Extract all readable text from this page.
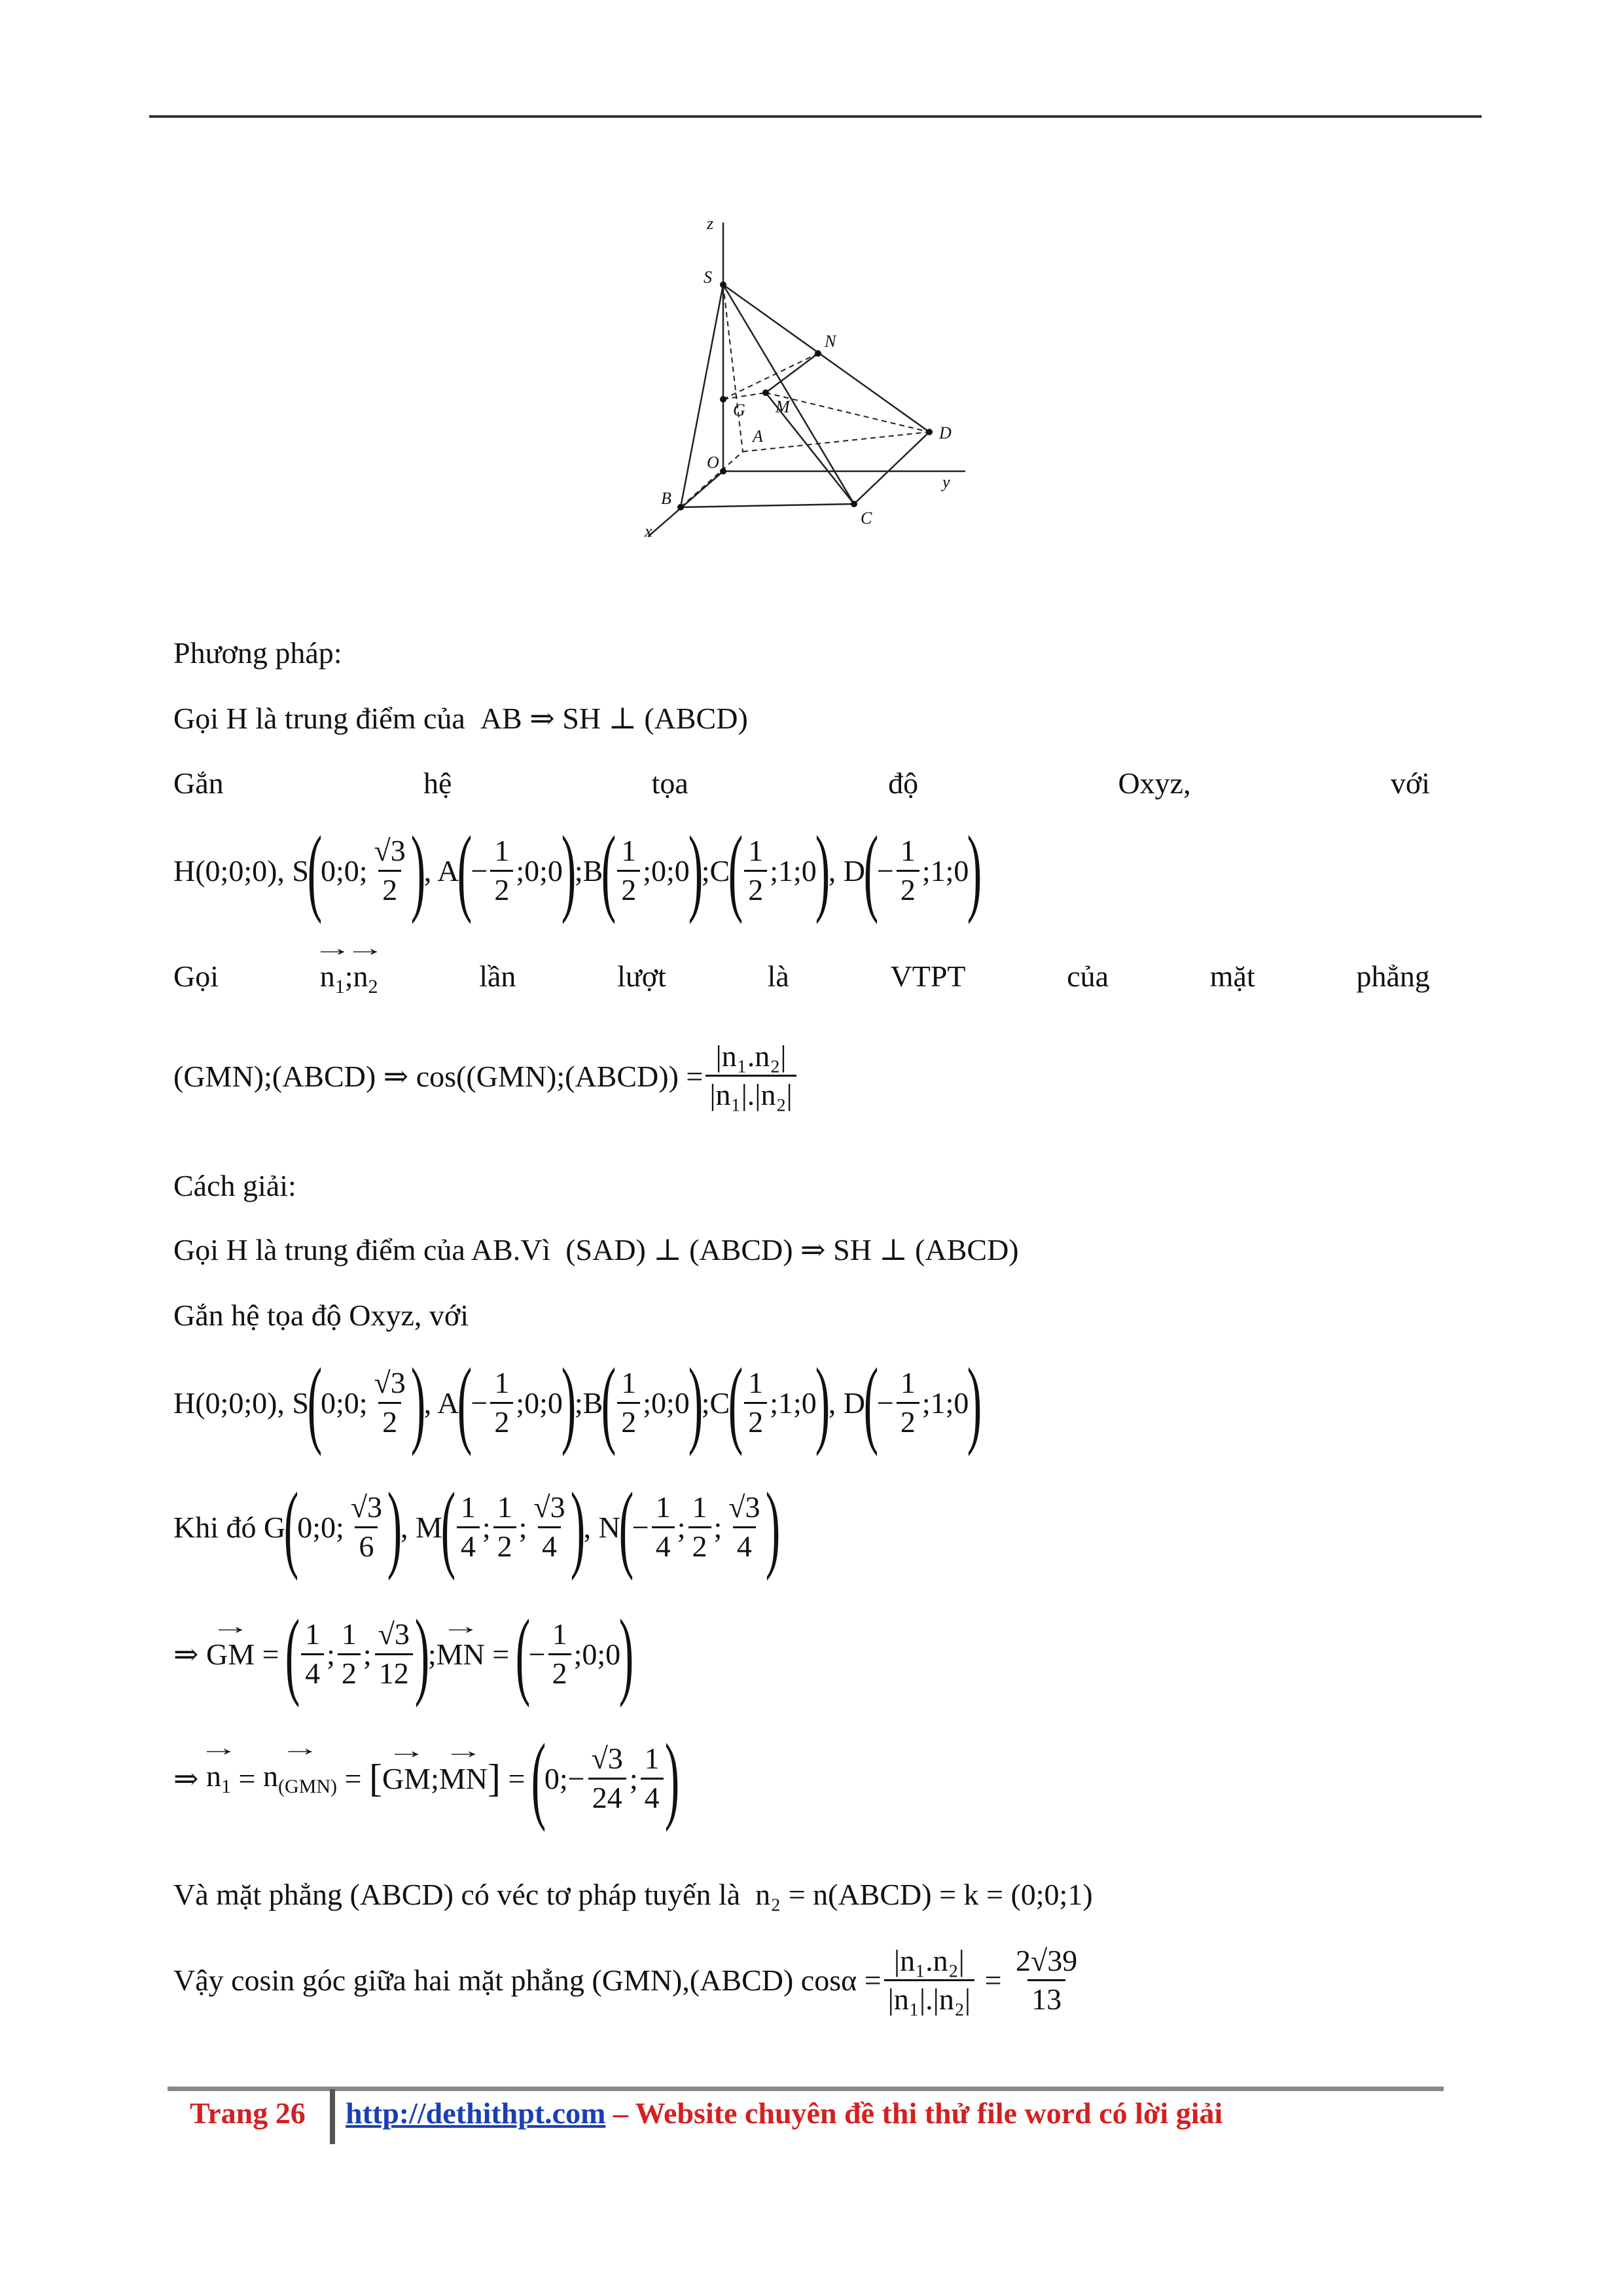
z
y
x
S
N
G M
A
O
D
B
C
Phương pháp:
Gọi H là trung điểm của AB ⇒ SH ⊥ (ABCD)
Gắn	hệ	tọa	độ	Oxyz,	với
H(0;0;0), S
(
0;0; $\frac{√3}{2}$ )
, A
(
− $\frac{1}{2}$ ;0;0
)
;B
( $\frac{1}{2}$ ;0;0
)
;C
( $\frac{1}{2}$ ;1;0
)
, D
(
− $\frac{1}{2}$ ;1;0
)
Gọi	→ $n_1;\to n_2$	lần	lượt	là	VTPT	của	mặt	phẳng
(GMN);(ABCD) ⇒ cos((GMN);(ABCD)) = $\frac{\text{|n₁.n₂|}}{\text{|n₁|.|n₂|}}$
Cách giải:
Gọi H là trung điểm của AB.Vì (SAD) ⊥ (ABCD) ⇒ SH ⊥ (ABCD)
Gắn hệ tọa độ Oxyz, với
H(0;0;0), S
(
0;0; $\frac{√3}{2}$ )
, A
(
− $\frac{1}{2}$ ;0;0
)
;B
( $\frac{1}{2}$ ;0;0
)
;C
( $\frac{1}{2}$ ;1;0
)
, D
(
− $\frac{1}{2}$ ;1;0
)
Khi đó
G
(
0;0; $\frac{√3}{6}$ )
, M
( $\frac{1}{4}$ ; $\frac{1}{2}$ ; $\frac{√3}{4}$ )
, N
(
− $\frac{1}{4}$ ; $\frac{1}{2}$ ; $\frac{√3}{4}$ )
⇒ → GM =
( $\frac{1}{4}$ ; $\frac{1}{2}$ ; $\frac{√3}{12}$ )
; → MN =
(
− $\frac{1}{2}$ ;0;0
)
⇒ → $n_1$ = → $n_{(GMN)}$ = [ → GM ; → MN ] =
(
0;− $\frac{√3}{24}$ ; $\frac{1}{4}$ )
Và mặt phẳng (ABCD) có véc tơ pháp tuyến là n₂ = n(ABCD) = k = (0;0;1)
Vậy cosin góc giữa hai mặt phẳng
(GMN),(ABCD) $\cos\alpha = \frac{\text{|n₁.n₂|}}{\text{|n₁|.|n₂|}} = \frac{2√39}{13}$
Trang 26 http://dethithpt.com – Website chuyên đề thi thử file word có lời giải
